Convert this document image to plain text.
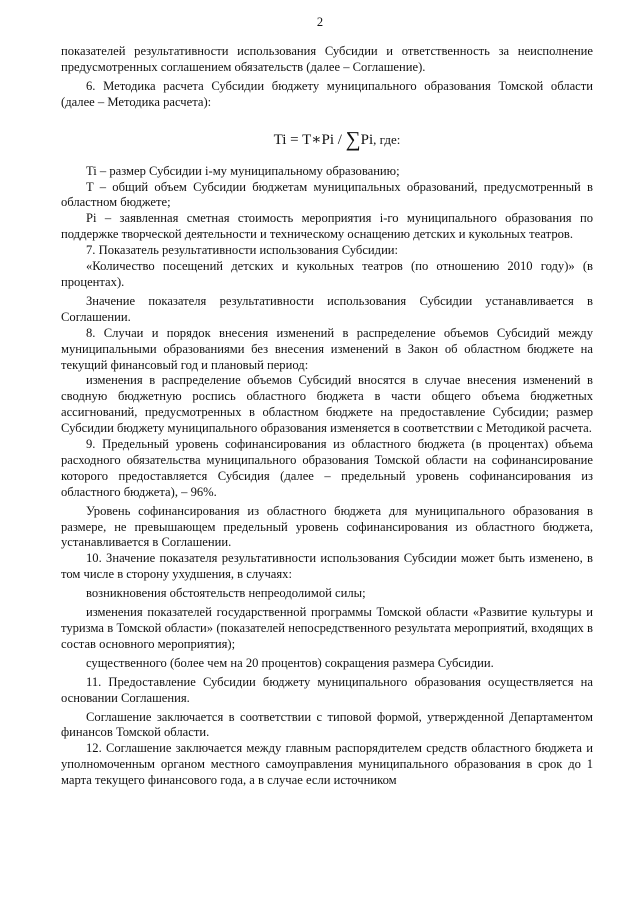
2

показателей результативности использования Субсидии и ответственность за неисполнение предусмотренных соглашением обязательств (далее – Соглашение).

6. Методика расчета Субсидии бюджету муниципального образования Томской области (далее – Методика расчета):

Ti = T∗Pi / ∑Pi, где:

Ti – размер Субсидии i-му муниципальному образованию;

T – общий объем Субсидии бюджетам муниципальных образований, предусмотренный в областном бюджете;

Pi – заявленная сметная стоимость мероприятия i-го муниципального образования по поддержке творческой деятельности и техническому оснащению детских и кукольных театров.

7. Показатель результативности использования Субсидии:

«Количество посещений детских и кукольных театров (по отношению 2010 году)» (в процентах).

Значение показателя результативности использования Субсидии устанавливается в Соглашении.

8. Случаи и порядок внесения изменений в распределение объемов Субсидий между муниципальными образованиями без внесения изменений в Закон об областном бюджете на текущий финансовый год и плановый период:

изменения в распределение объемов Субсидий вносятся в случае внесения изменений в сводную бюджетную роспись областного бюджета в части общего объема бюджетных ассигнований, предусмотренных в областном бюджете на предоставление Субсидии; размер Субсидии бюджету муниципального образования изменяется в соответствии с Методикой расчета.

9. Предельный уровень софинансирования из областного бюджета (в процентах) объема расходного обязательства муниципального образования Томской области на софинансирование которого предоставляется Субсидия (далее – предельный уровень софинансирования из областного бюджета), – 96%.

Уровень софинансирования из областного бюджета для муниципального образования в размере, не превышающем предельный уровень софинансирования из областного бюджета, устанавливается в Соглашении.

10. Значение показателя результативности использования Субсидии может быть изменено, в том числе в сторону ухудшения, в случаях:

возникновения обстоятельств непреодолимой силы;

изменения показателей государственной программы Томской области «Развитие культуры и туризма в Томской области» (показателей непосредственного результата мероприятий, входящих в состав основного мероприятия);

существенного (более чем на 20 процентов) сокращения размера Субсидии.

11. Предоставление Субсидии бюджету муниципального образования осуществляется на основании Соглашения.

Соглашение заключается в соответствии с типовой формой, утвержденной Департаментом финансов Томской области.

12. Соглашение заключается между главным распорядителем средств областного бюджета и уполномоченным органом местного самоуправления муниципального образования в срок до 1 марта текущего финансового года, а в случае если источником
